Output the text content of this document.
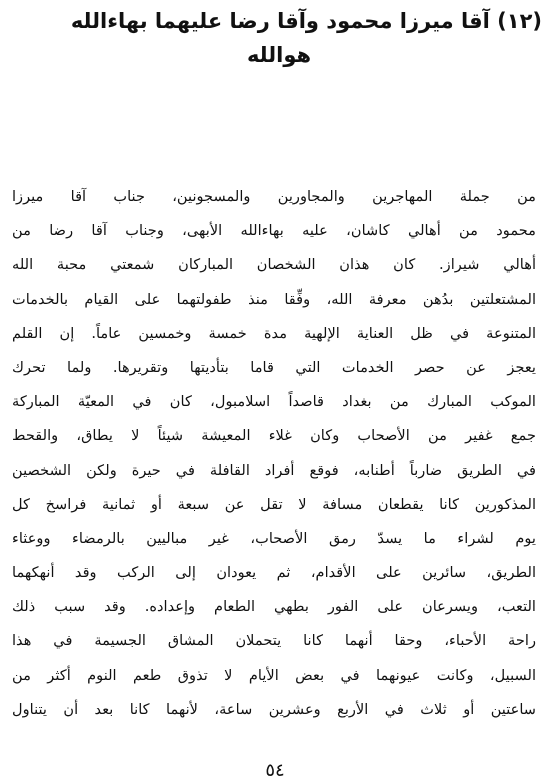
(١٢) آقا ميرزا محمود وآقا رضا عليهما بهاءالله
هوالله
من جملة المهاجرين والمجاورين والمسجونين، جناب آقا ميرزا
محمود من أهالي كاشان، عليه بهاءالله الأبهى، وجناب آقا رضا من
أهالي شيراز. كان هذان الشخصان المباركان شمعتي محبة الله
المشتعلتين بدُهن معرفة الله، وفِّقا منذ طفولتهما على القيام بالخدمات
المتنوعة في ظل العناية الإلهية مدة خمسة وخمسين عاماً. إن القلم
يعجز عن حصر الخدمات التي قاما بتأديتها وتقريرها. ولما تحرك
الموكب المبارك من بغداد قاصداً اسلامبول، كان في المعيّة المباركة
جمع غفير من الأصحاب وكان غلاء المعيشة شيئاً لا يطاق، والقحط
في الطريق ضارباً أطنابه، فوقع أفراد القافلة في حيرة ولكن الشخصين
المذكورين كانا يقطعان مسافة لا تقل عن سبعة أو ثمانية فراسخ كل
يوم لشراء ما يسدّ رمق الأصحاب، غير مباليين بالرمضاء ووعثاء
الطريق، سائرين على الأقدام، ثم يعودان إلى الركب وقد أنهكهما
التعب، ويسرعان على الفور بطهي الطعام وإعداده. وقد سبب ذلك
راحة الأحباء، وحقا أنهما كانا يتحملان المشاق الجسيمة في هذا
السبيل، وكانت عيونهما في بعض الأيام لا تذوق طعم النوم أكثر من
ساعتين أو ثلاث في الأربع وعشرين ساعة، لأنهما كانا بعد أن يتناول
٥٤
